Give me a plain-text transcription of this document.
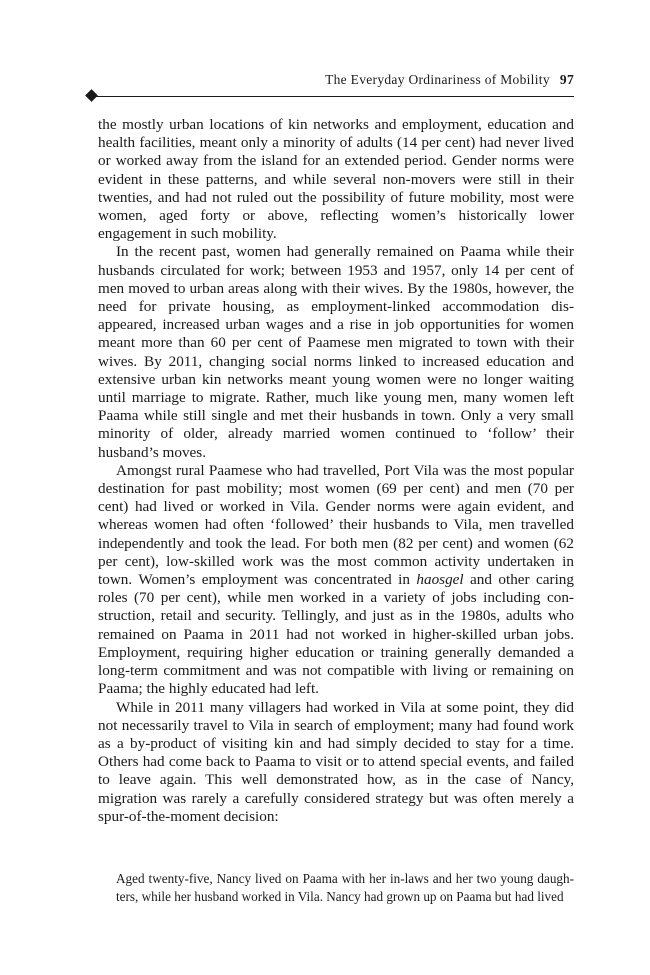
The Everyday Ordinariness of Mobility 97

the mostly urban locations of kin networks and employment, education and health facilities, meant only a minority of adults (14 per cent) had never lived or worked away from the island for an extended period. Gender norms were evident in these patterns, and while several non-movers were still in their twenties, and had not ruled out the possibility of future mobility, most were women, aged forty or above, reflecting women’s historically lower engagement in such mobility.

In the recent past, women had generally remained on Paama while their husbands circulated for work; between 1953 and 1957, only 14 per cent of men moved to urban areas along with their wives. By the 1980s, however, the need for private housing, as employment-linked accommodation dis-appeared, increased urban wages and a rise in job opportunities for women meant more than 60 per cent of Paamese men migrated to town with their wives. By 2011, changing social norms linked to increased education and extensive urban kin networks meant young women were no longer waiting until marriage to migrate. Rather, much like young men, many women left Paama while still single and met their husbands in town. Only a very small minority of older, already married women continued to ‘follow’ their husband’s moves.

Amongst rural Paamese who had travelled, Port Vila was the most popular destination for past mobility; most women (69 per cent) and men (70 per cent) had lived or worked in Vila. Gender norms were again evident, and whereas women had often ‘followed’ their husbands to Vila, men travelled independently and took the lead. For both men (82 per cent) and women (62 per cent), low-skilled work was the most common activity undertaken in town. Women’s employment was concentrated in haosgel and other caring roles (70 per cent), while men worked in a variety of jobs including con-struction, retail and security. Tellingly, and just as in the 1980s, adults who remained on Paama in 2011 had not worked in higher-skilled urban jobs. Employment, requiring higher education or training generally demanded a long-term commitment and was not compatible with living or remaining on Paama; the highly educated had left.

While in 2011 many villagers had worked in Vila at some point, they did not necessarily travel to Vila in search of employment; many had found work as a by-product of visiting kin and had simply decided to stay for a time. Others had come back to Paama to visit or to attend special events, and failed to leave again. This well demonstrated how, as in the case of Nancy, migration was rarely a carefully considered strategy but was often merely a spur-of-the-moment decision:

Aged twenty-five, Nancy lived on Paama with her in-laws and her two young daugh-ters, while her husband worked in Vila. Nancy had grown up on Paama but had lived
